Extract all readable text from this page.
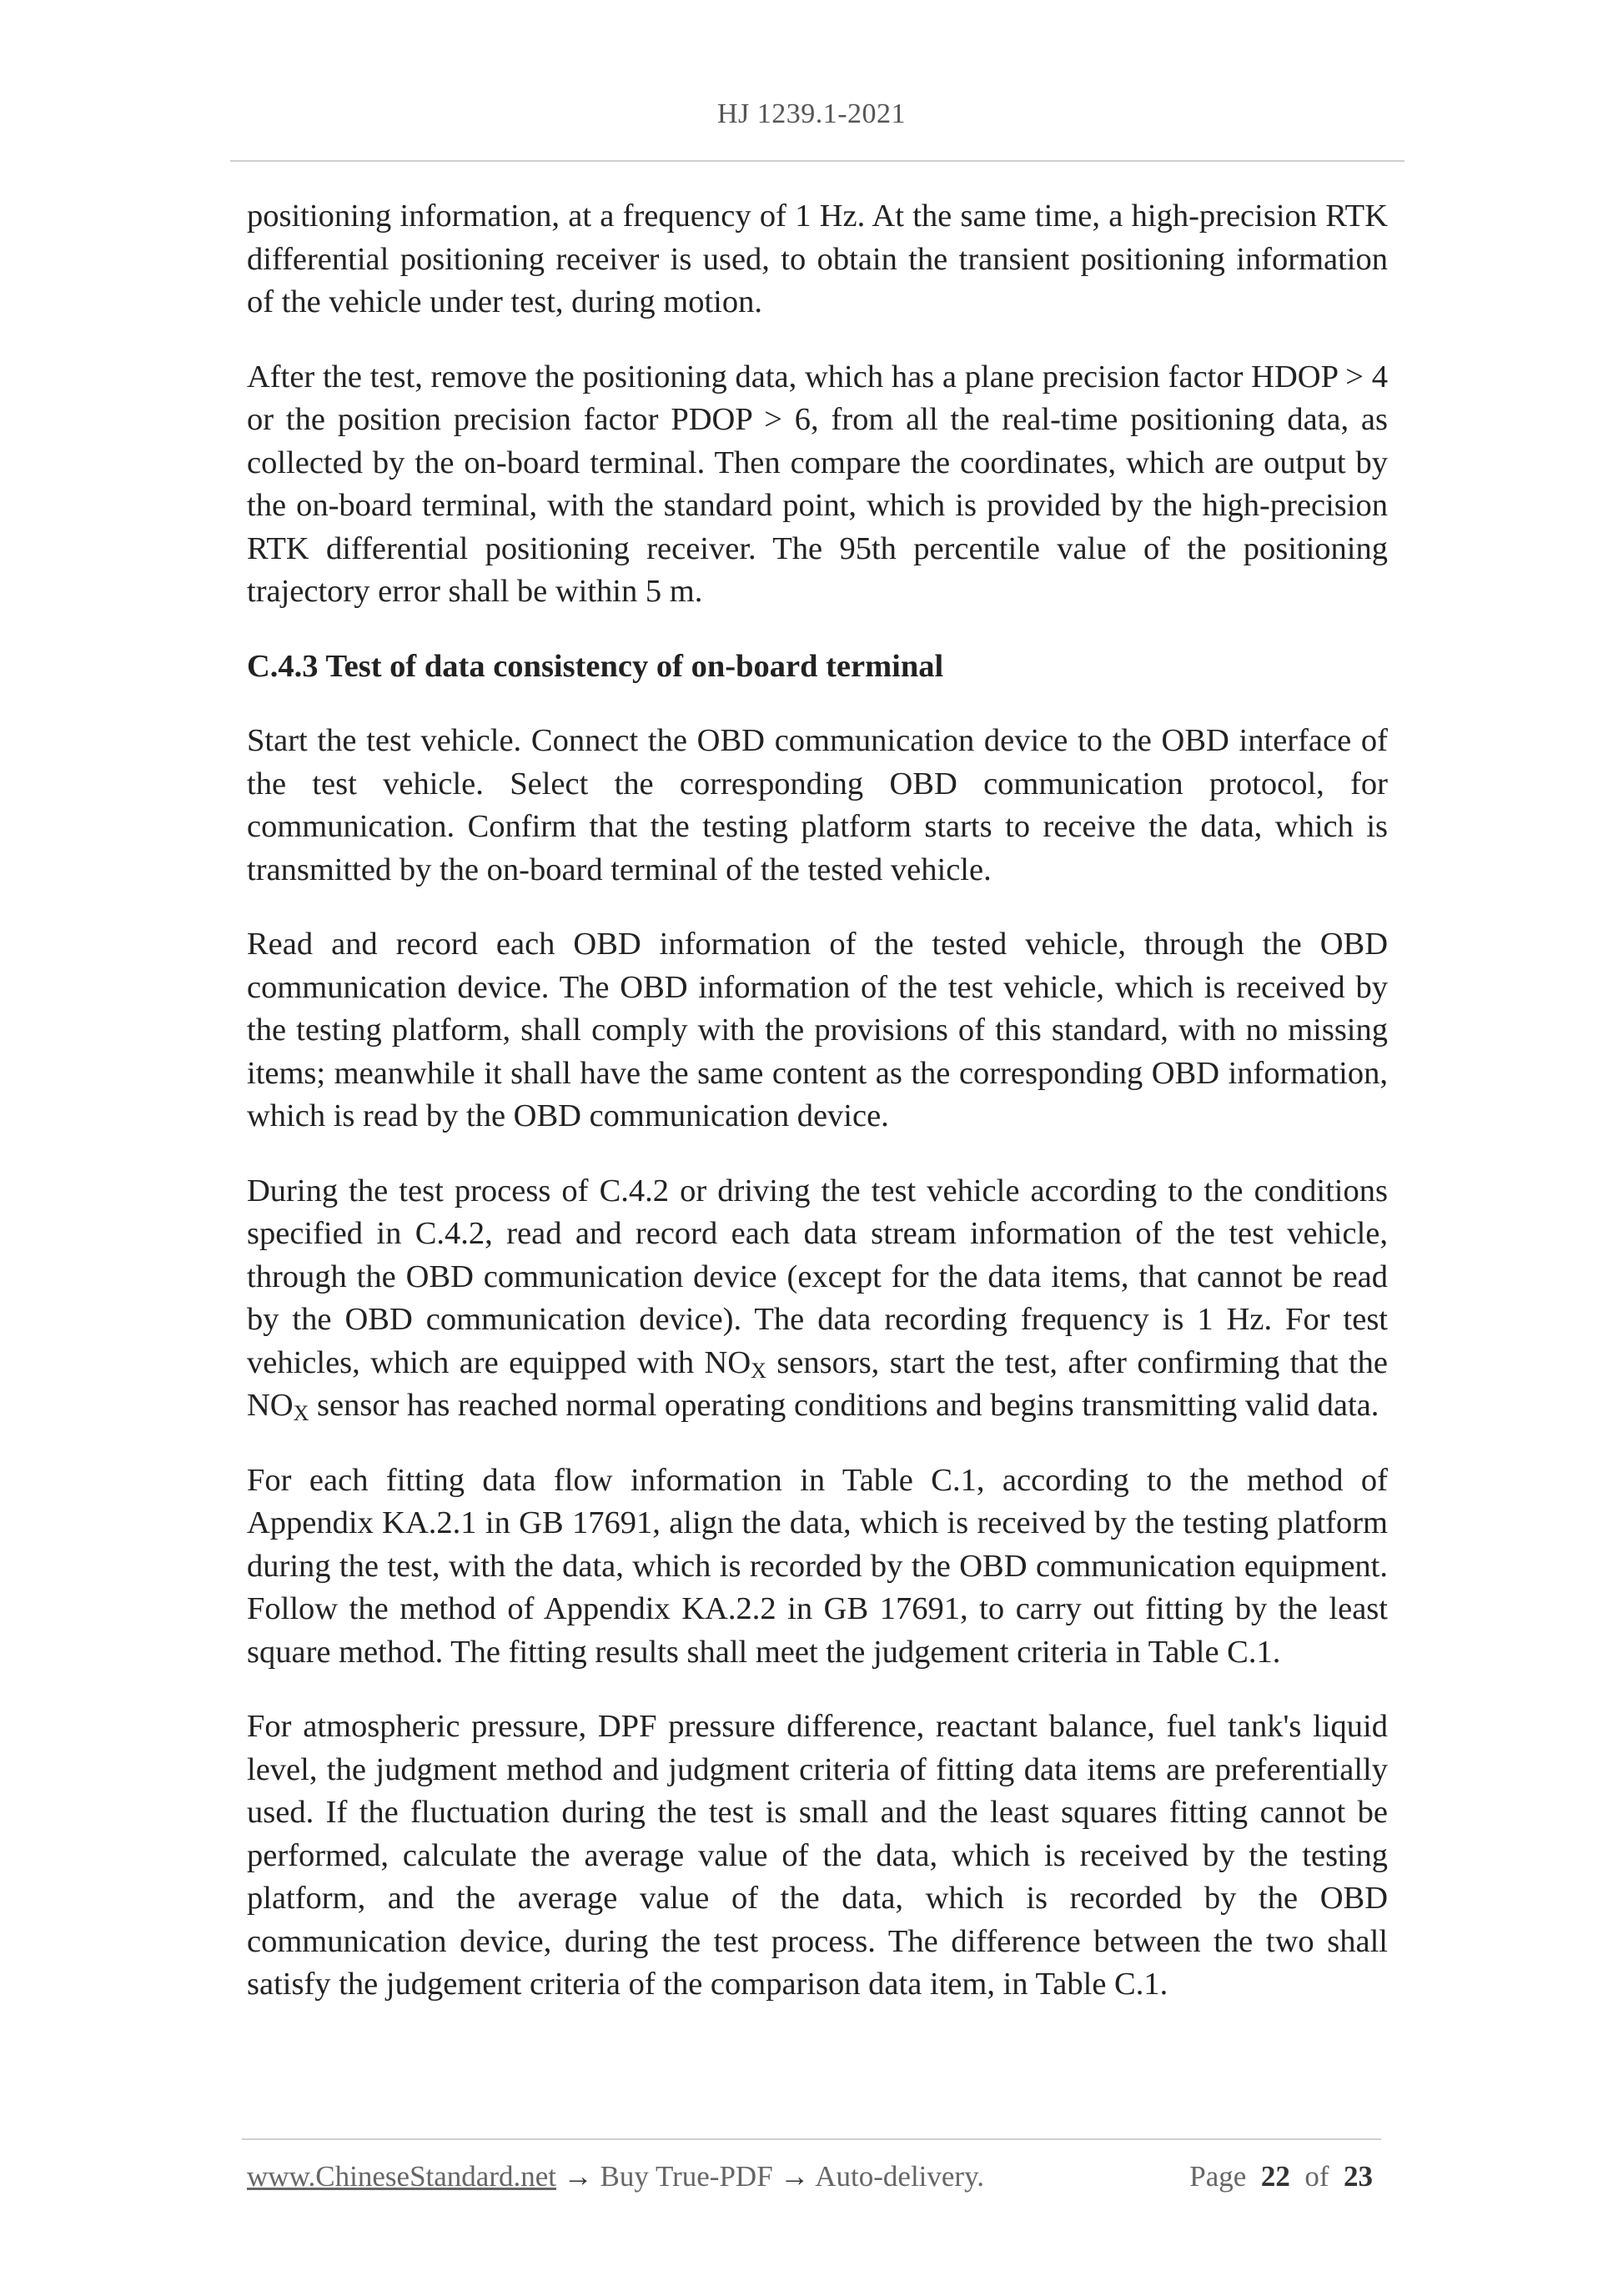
HJ 1239.1-2021

positioning information, at a frequency of 1 Hz. At the same time, a high-precision RTK differential positioning receiver is used, to obtain the transient positioning information of the vehicle under test, during motion.

After the test, remove the positioning data, which has a plane precision factor HDOP > 4 or the position precision factor PDOP > 6, from all the real-time positioning data, as collected by the on-board terminal. Then compare the coordinates, which are output by the on-board terminal, with the standard point, which is provided by the high-precision RTK differential positioning receiver. The 95th percentile value of the positioning trajectory error shall be within 5 m.

C.4.3 Test of data consistency of on-board terminal

Start the test vehicle. Connect the OBD communication device to the OBD interface of the test vehicle. Select the corresponding OBD communication protocol, for communication. Confirm that the testing platform starts to receive the data, which is transmitted by the on-board terminal of the tested vehicle.

Read and record each OBD information of the tested vehicle, through the OBD communication device. The OBD information of the test vehicle, which is received by the testing platform, shall comply with the provisions of this standard, with no missing items; meanwhile it shall have the same content as the corresponding OBD information, which is read by the OBD communication device.

During the test process of C.4.2 or driving the test vehicle according to the conditions specified in C.4.2, read and record each data stream information of the test vehicle, through the OBD communication device (except for the data items, that cannot be read by the OBD communication device). The data recording frequency is 1 Hz. For test vehicles, which are equipped with $NO_X$ sensors, start the test, after confirming that the $NO_X$ sensor has reached normal operating conditions and begins transmitting valid data.

For each fitting data flow information in Table C.1, according to the method of Appendix KA.2.1 in GB 17691, align the data, which is received by the testing platform during the test, with the data, which is recorded by the OBD communication equipment. Follow the method of Appendix KA.2.2 in GB 17691, to carry out fitting by the least square method. The fitting results shall meet the judgement criteria in Table C.1.

For atmospheric pressure, DPF pressure difference, reactant balance, fuel tank's liquid level, the judgment method and judgment criteria of fitting data items are preferentially used. If the fluctuation during the test is small and the least squares fitting cannot be performed, calculate the average value of the data, which is received by the testing platform, and the average value of the data, which is recorded by the OBD communication device, during the test process. The difference between the two shall satisfy the judgement criteria of the comparison data item, in Table C.1.

www.ChineseStandard.net → Buy True-PDF → Auto-delivery.	Page 22 of 23
